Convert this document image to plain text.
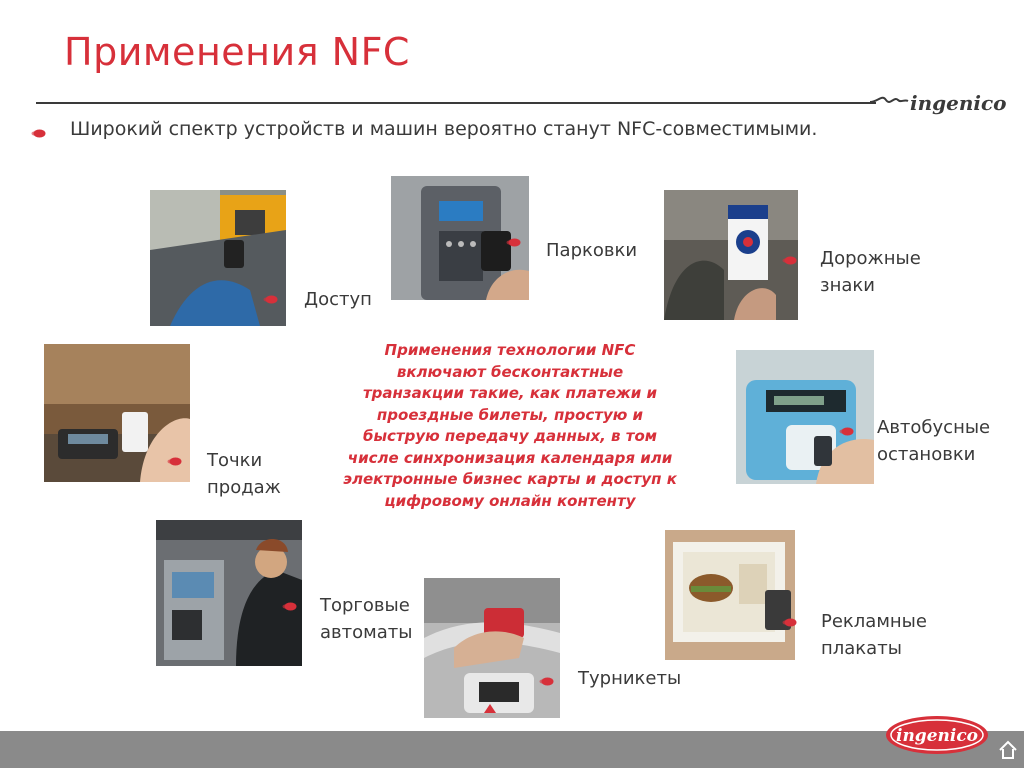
Применения NFC
ingenico
Широкий спектр устройств и машин вероятно станут NFC-совместимыми.
Применения технологии NFC
включают бесконтактные
транзакции такие, как платежи и
проездные билеты, простую и
быструю передачу данных, в том
числе синхронизация календаря или
электронные бизнес карты и доступ к
цифровому онлайн контенту
Доступ
Парковки	Дорожные
знаки
Точки
продаж
Автобусные
остановки
Торговые
автоматы
Турникеты
Рекламные
плакаты
ingenico
